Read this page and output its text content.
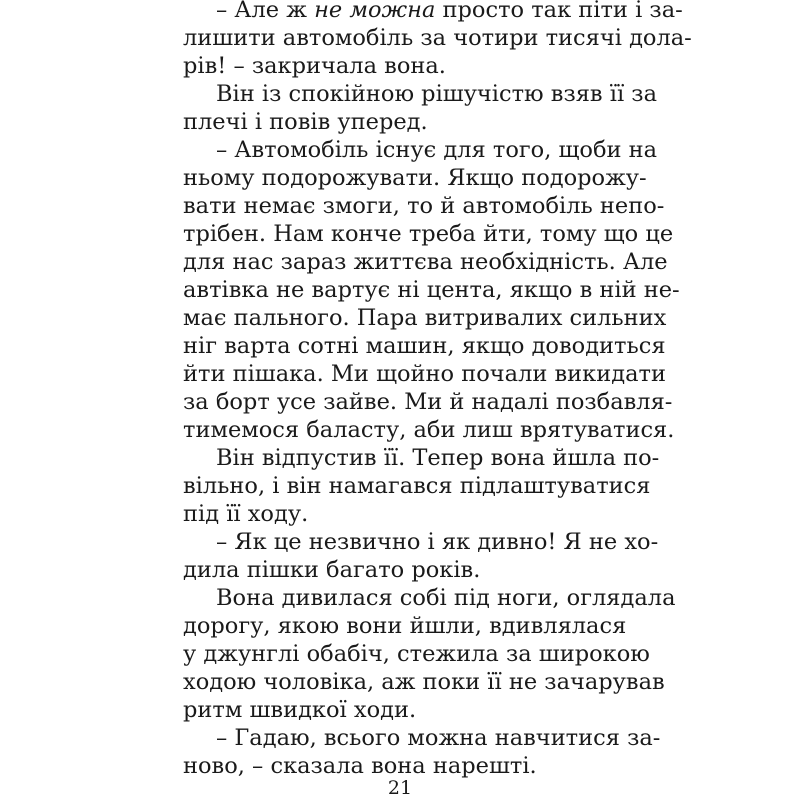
– Але ж не можна просто так піти і за-
лишити автомобіль за чотири тисячі дола-
рів! – закричала вона.
Він із спокійною рішучістю взяв її за
плечі і повів уперед.
– Автомобіль існує для того, щоби на
ньому подорожувати. Якщо подорожу-
вати немає змоги, то й автомобіль непо-
трібен. Нам конче треба йти, тому що це
для нас зараз життєва необхідність. Але
автівка не вартує ні цента, якщо в ній не-
має пального. Пара витривалих сильних
ніг варта сотні машин, якщо доводиться
йти пішака. Ми щойно почали викидати
за борт усе зайве. Ми й надалі позбавля-
тимемося баласту, аби лиш врятуватися.
Він відпустив її. Тепер вона йшла по-
вільно, і він намагався підлаштуватися
під її ходу.
– Як це незвично і як дивно! Я не хо-
дила пішки багато років.
Вона дивилася собі під ноги, оглядала
дорогу, якою вони йшли, вдивлялася
у джунглі обабіч, стежила за широкою
ходою чоловіка, аж поки її не зачарував
ритм швидкої ходи.
– Гадаю, всього можна навчитися за-
ново, – сказала вона нарешті.
21
